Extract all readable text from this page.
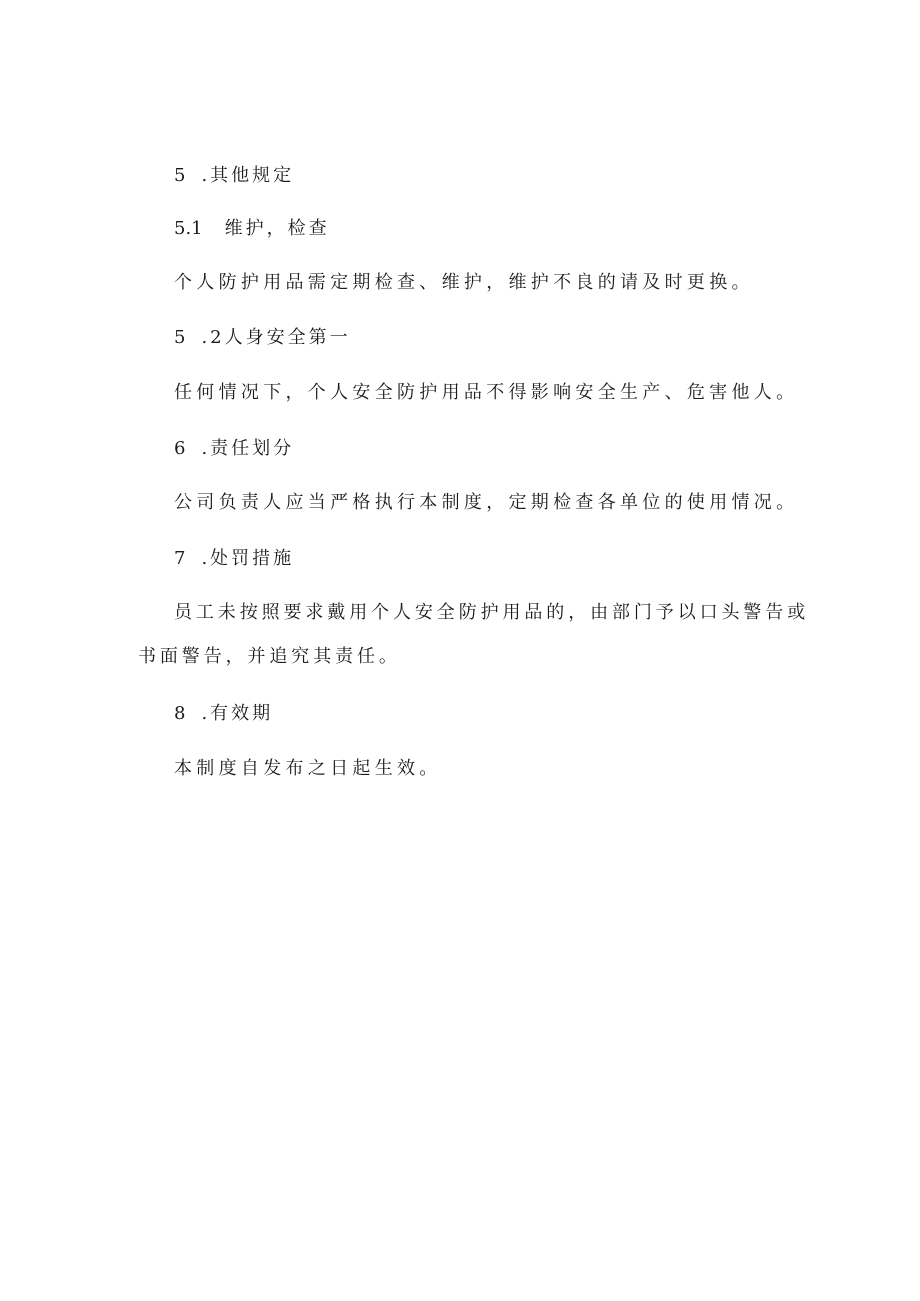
5 .其他规定
5.1 维护，检查
个人防护用品需定期检查、维护，维护不良的请及时更换。
5 .2人身安全第一
任何情况下，个人安全防护用品不得影响安全生产、危害他人。
6 .责任划分
公司负责人应当严格执行本制度，定期检查各单位的使用情况。
7 .处罚措施
员工未按照要求戴用个人安全防护用品的，由部门予以口头警告或
书面警告，并追究其责任。
8 .有效期
本制度自发布之日起生效。
